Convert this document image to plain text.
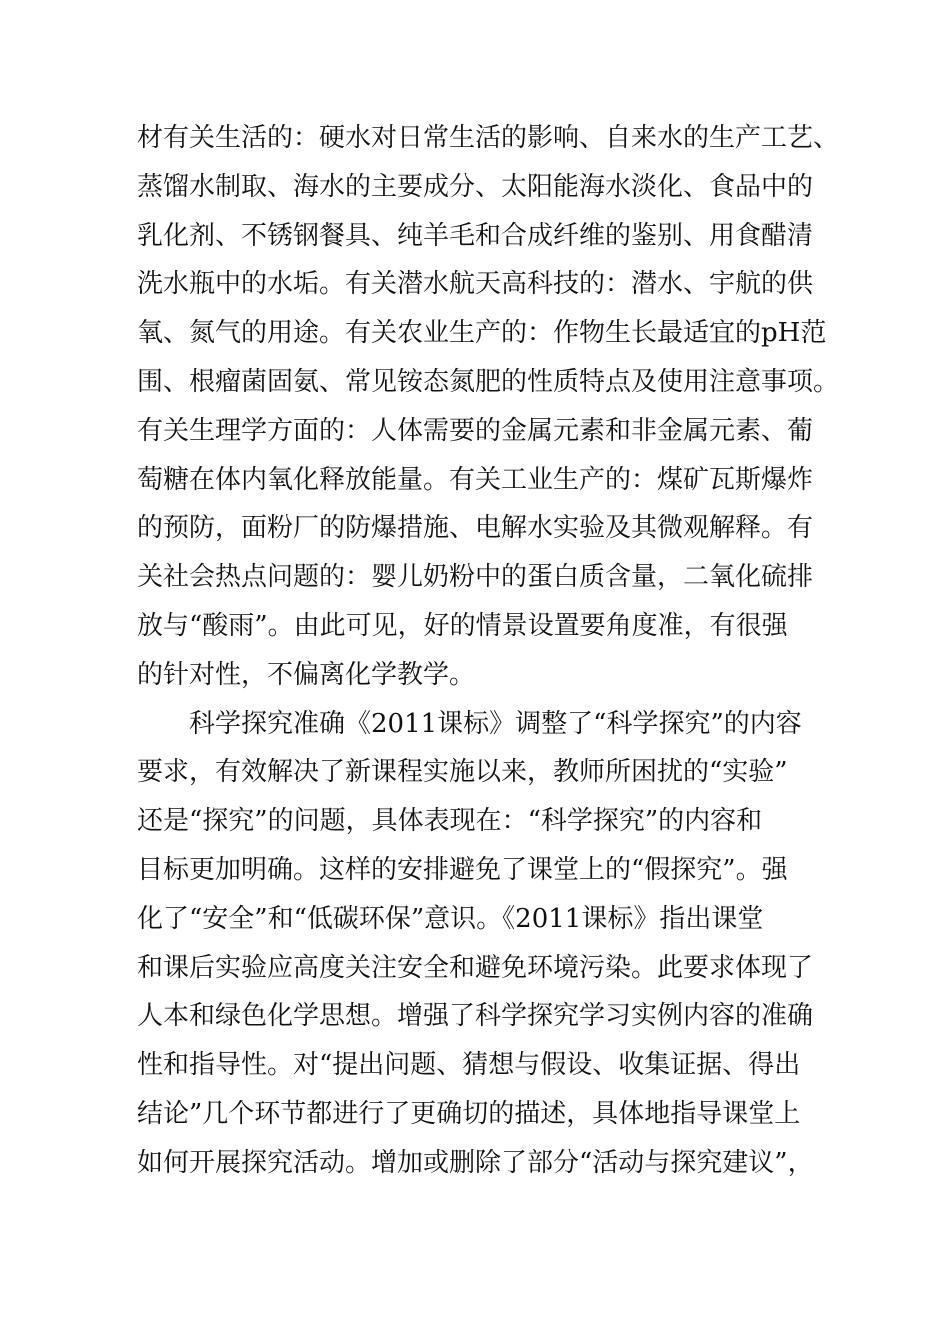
材有关生活的：硬水对日常生活的影响、自来水的生产工艺、
蒸馏水制取、海水的主要成分、太阳能海水淡化、食品中的
乳化剂、不锈钢餐具、纯羊毛和合成纤维的鉴别、用食醋清
洗水瓶中的水垢。有关潜水航天高科技的：潜水、宇航的供
氧、氮气的用途。有关农业生产的：作物生长最适宜的pH范
围、根瘤菌固氨、常见铵态氮肥的性质特点及使用注意事项。
有关生理学方面的：人体需要的金属元素和非金属元素、葡
萄糖在体内氧化释放能量。有关工业生产的：煤矿瓦斯爆炸
的预防，面粉厂的防爆措施、电解水实验及其微观解释。有
关社会热点问题的：婴儿奶粉中的蛋白质含量，二氧化硫排
放与“酸雨”。由此可见，好的情景设置要角度准，有很强
的针对性，不偏离化学教学。
　　科学探究准确《2011课标》调整了“科学探究”的内容
要求，有效解决了新课程实施以来，教师所困扰的“实验”
还是“探究”的问题，具体表现在：“科学探究”的内容和
目标更加明确。这样的安排避免了课堂上的“假探究”。强
化了“安全”和“低碳环保”意识。《2011课标》指出课堂
和课后实验应高度关注安全和避免环境污染。此要求体现了
人本和绿色化学思想。增强了科学探究学习实例内容的准确
性和指导性。对“提出问题、猜想与假设、收集证据、得出
结论”几个环节都进行了更确切的描述，具体地指导课堂上
如何开展探究活动。增加或删除了部分“活动与探究建议”，
